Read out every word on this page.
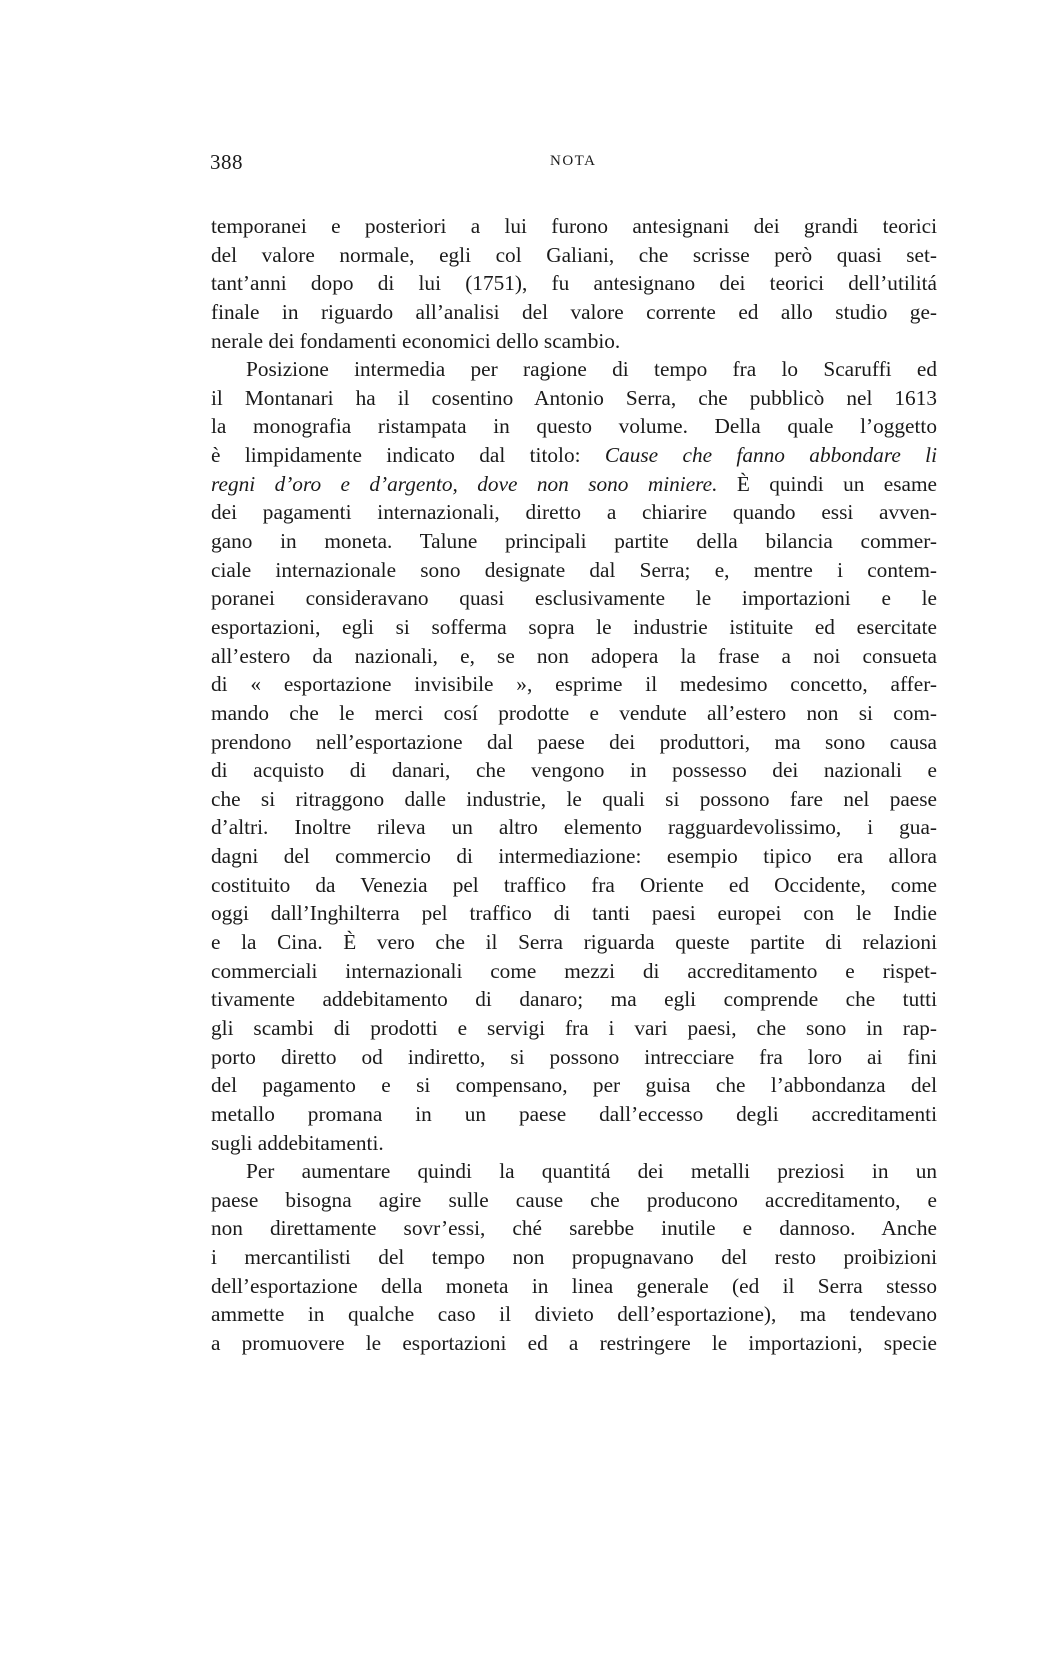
388	NOTA
temporanei e posteriori a lui furono antesignani dei grandi teorici
del valore normale, egli col Galiani, che scrisse però quasi set-
tant’anni dopo di lui (1751), fu antesignano dei teorici dell’utilitá
finale in riguardo all’analisi del valore corrente ed allo studio ge-
nerale dei fondamenti economici dello scambio.
Posizione intermedia per ragione di tempo fra lo Scaruffi ed
il Montanari ha il cosentino Antonio Serra, che pubblicò nel 1613
la monografia ristampata in questo volume. Della quale l’oggetto
è limpidamente indicato dal titolo: Cause che fanno abbondare li
regni d’oro e d’argento, dove non sono miniere. È quindi un esame
dei pagamenti internazionali, diretto a chiarire quando essi avven-
gano in moneta. Talune principali partite della bilancia commer-
ciale internazionale sono designate dal Serra; e, mentre i contem-
poranei consideravano quasi esclusivamente le importazioni e le
esportazioni, egli si sofferma sopra le industrie istituite ed esercitate
all’estero da nazionali, e, se non adopera la frase a noi consueta
di « esportazione invisibile », esprime il medesimo concetto, affer-
mando che le merci cosí prodotte e vendute all’estero non si com-
prendono nell’esportazione dal paese dei produttori, ma sono causa
di acquisto di danari, che vengono in possesso dei nazionali e
che si ritraggono dalle industrie, le quali si possono fare nel paese
d’altri. Inoltre rileva un altro elemento ragguardevolissimo, i gua-
dagni del commercio di intermediazione: esempio tipico era allora
costituito da Venezia pel traffico fra Oriente ed Occidente, come
oggi dall’Inghilterra pel traffico di tanti paesi europei con le Indie
e la Cina. È vero che il Serra riguarda queste partite di relazioni
commerciali internazionali come mezzi di accreditamento e rispet-
tivamente addebitamento di danaro; ma egli comprende che tutti
gli scambi di prodotti e servigi fra i vari paesi, che sono in rap-
porto diretto od indiretto, si possono intrecciare fra loro ai fini
del pagamento e si compensano, per guisa che l’abbondanza del
metallo promana in un paese dall’eccesso degli accreditamenti
sugli addebitamenti.
Per aumentare quindi la quantitá dei metalli preziosi in un
paese bisogna agire sulle cause che producono accreditamento, e
non direttamente sovr’essi, ché sarebbe inutile e dannoso. Anche
i mercantilisti del tempo non propugnavano del resto proibizioni
dell’esportazione della moneta in linea generale (ed il Serra stesso
ammette in qualche caso il divieto dell’esportazione), ma tendevano
a promuovere le esportazioni ed a restringere le importazioni, specie
